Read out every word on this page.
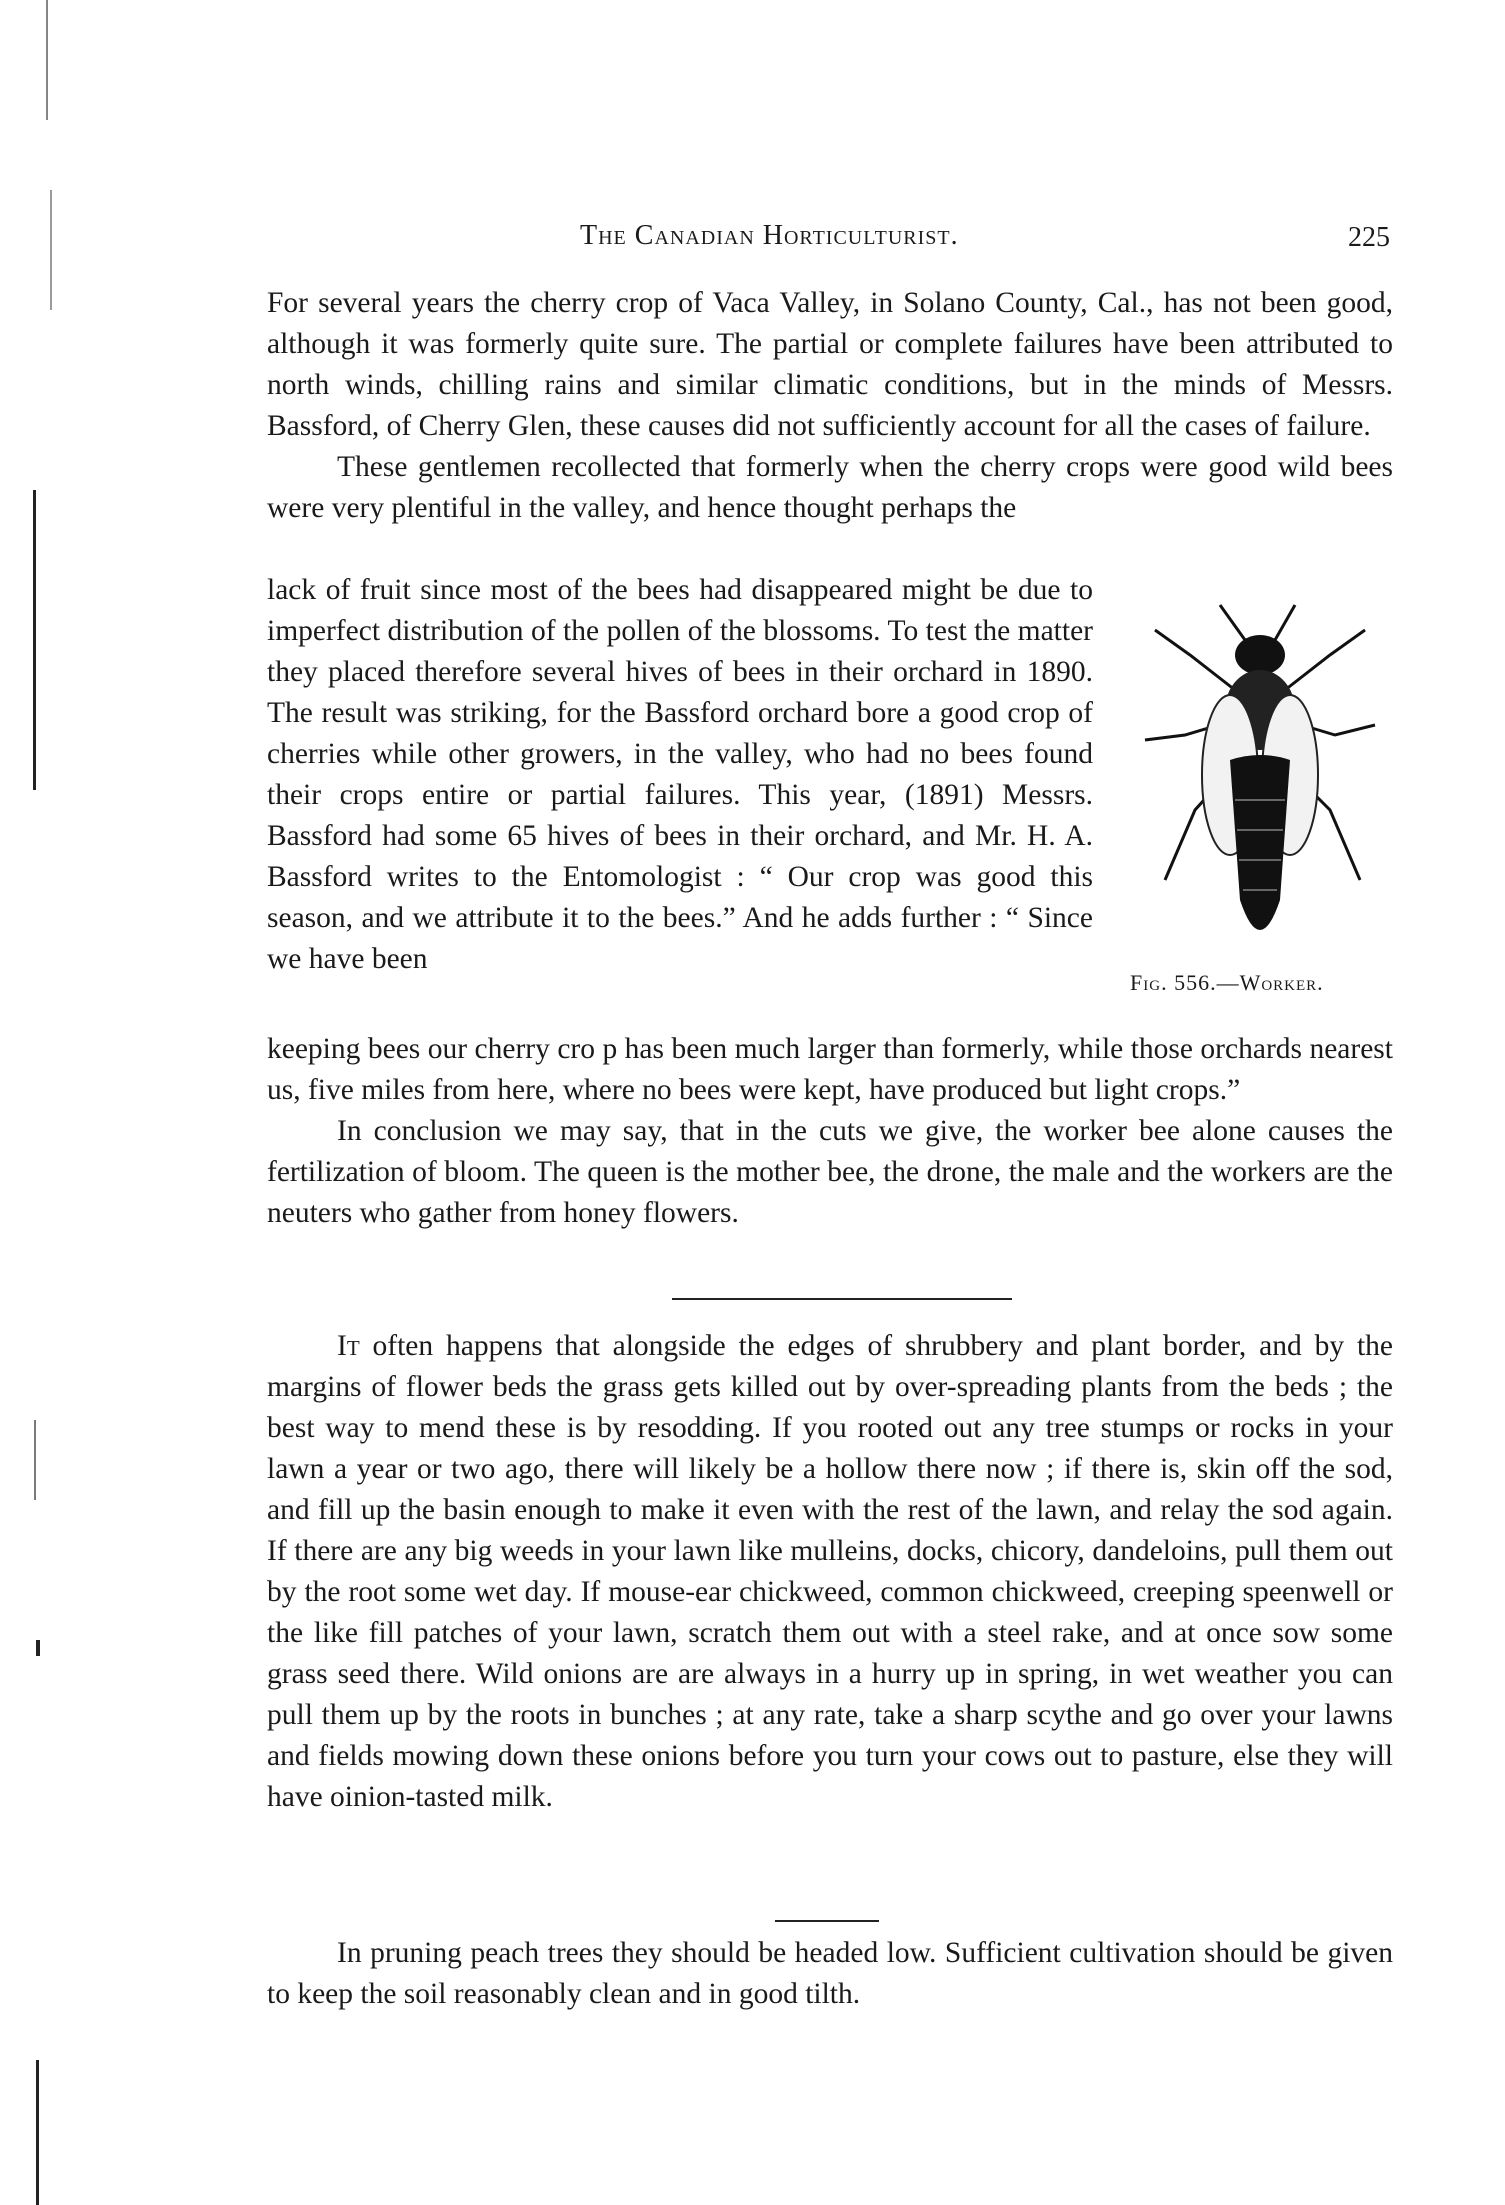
The Canadian Horticulturist.	225

For several years the cherry crop of Vaca Valley, in Solano County, Cal., has not been good, although it was formerly quite sure. The partial or complete failures have been attributed to north winds, chilling rains and similar climatic conditions, but in the minds of Messrs. Bassford, of Cherry Glen, these causes did not sufficiently account for all the cases of failure.

These gentlemen recollected that formerly when the cherry crops were good wild bees were very plentiful in the valley, and hence thought perhaps the

lack of fruit since most of the bees had disappeared might be due to imperfect distribution of the pollen of the blossoms. To test the matter they placed therefore several hives of bees in their orchard in 1890. The result was striking, for the Bassford orchard bore a good crop of cherries while other growers, in the valley, who had no bees found their crops entire or partial failures. This year, (1891) Messrs. Bassford had some 65 hives of bees in their orchard, and Mr. H. A. Bassford writes to the Entomologist : “ Our crop was good this season, and we attribute it to the bees.” And he adds further : “ Since we have been

Fig. 556.—Worker.

keeping bees our cherry cro p has been much larger than formerly, while those orchards nearest us, five miles from here, where no bees were kept, have produced but light crops.”

In conclusion we may say, that in the cuts we give, the worker bee alone causes the fertilization of bloom. The queen is the mother bee, the drone, the male and the workers are the neuters who gather from honey flowers.

It often happens that alongside the edges of shrubbery and plant border, and by the margins of flower beds the grass gets killed out by over-spreading plants from the beds ; the best way to mend these is by resodding. If you rooted out any tree stumps or rocks in your lawn a year or two ago, there will likely be a hollow there now ; if there is, skin off the sod, and fill up the basin enough to make it even with the rest of the lawn, and relay the sod again. If there are any big weeds in your lawn like mulleins, docks, chicory, dandeloins, pull them out by the root some wet day. If mouse-ear chickweed, common chickweed, creeping speenwell or the like fill patches of your lawn, scratch them out with a steel rake, and at once sow some grass seed there. Wild onions are are always in a hurry up in spring, in wet weather you can pull them up by the roots in bunches ; at any rate, take a sharp scythe and go over your lawns and fields mowing down these onions before you turn your cows out to pasture, else they will have oinion-tasted milk.

In pruning peach trees they should be headed low. Sufficient cultivation should be given to keep the soil reasonably clean and in good tilth.
